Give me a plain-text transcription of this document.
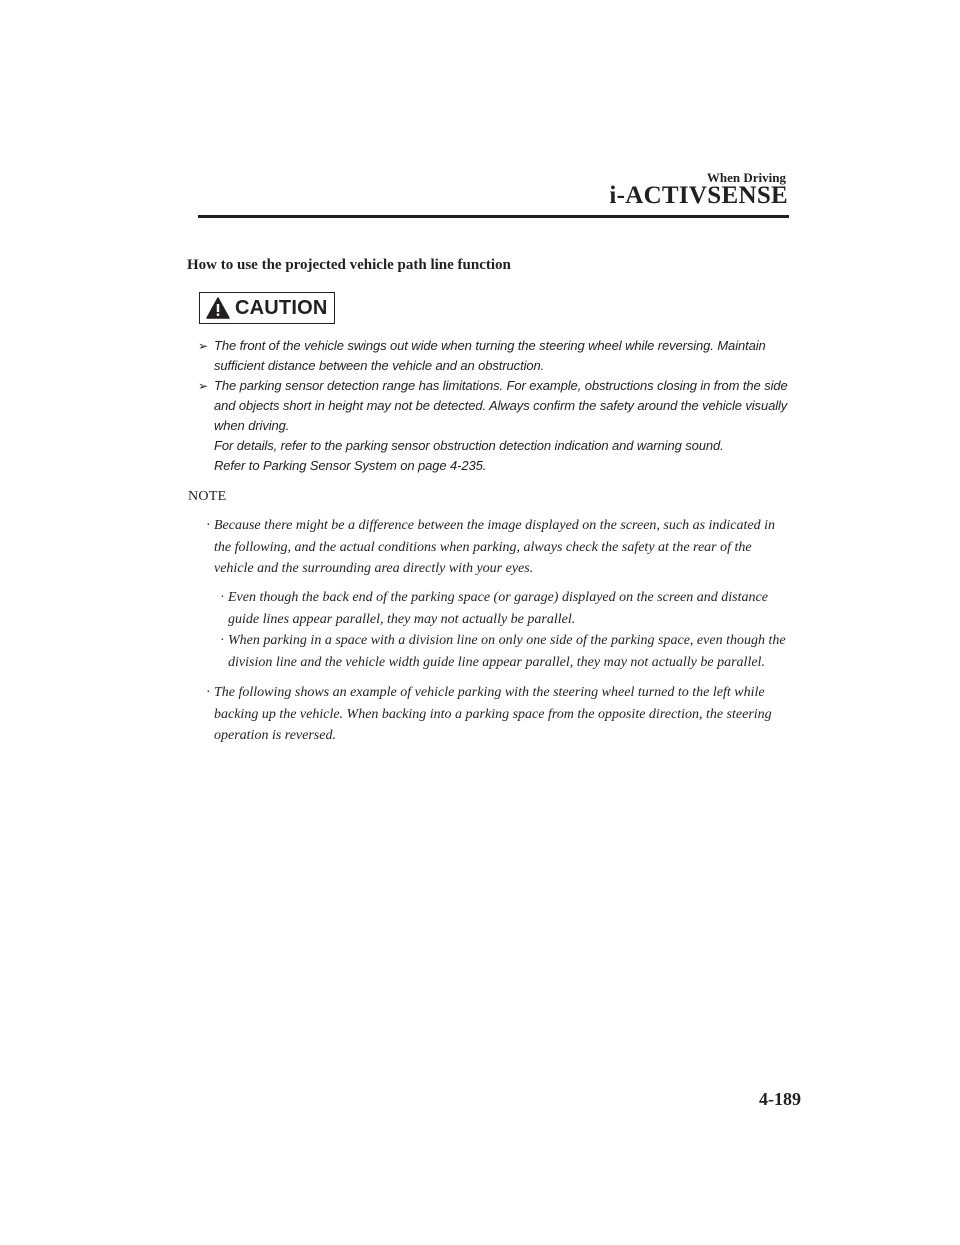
When Driving
i-ACTIVSENSE
How to use the projected vehicle path line function
CAUTION
➢ The front of the vehicle swings out wide when turning the steering wheel while reversing. Maintain sufficient distance between the vehicle and an obstruction.
➢ The parking sensor detection range has limitations. For example, obstructions closing in from the side and objects short in height may not be detected. Always confirm the safety around the vehicle visually when driving.
For details, refer to the parking sensor obstruction detection indication and warning sound.
Refer to Parking Sensor System on page 4-235.
NOTE
· Because there might be a difference between the image displayed on the screen, such as indicated in the following, and the actual conditions when parking, always check the safety at the rear of the vehicle and the surrounding area directly with your eyes.
· Even though the back end of the parking space (or garage) displayed on the screen and distance guide lines appear parallel, they may not actually be parallel.
· When parking in a space with a division line on only one side of the parking space, even though the division line and the vehicle width guide line appear parallel, they may not actually be parallel.
· The following shows an example of vehicle parking with the steering wheel turned to the left while backing up the vehicle. When backing into a parking space from the opposite direction, the steering operation is reversed.
4-189
